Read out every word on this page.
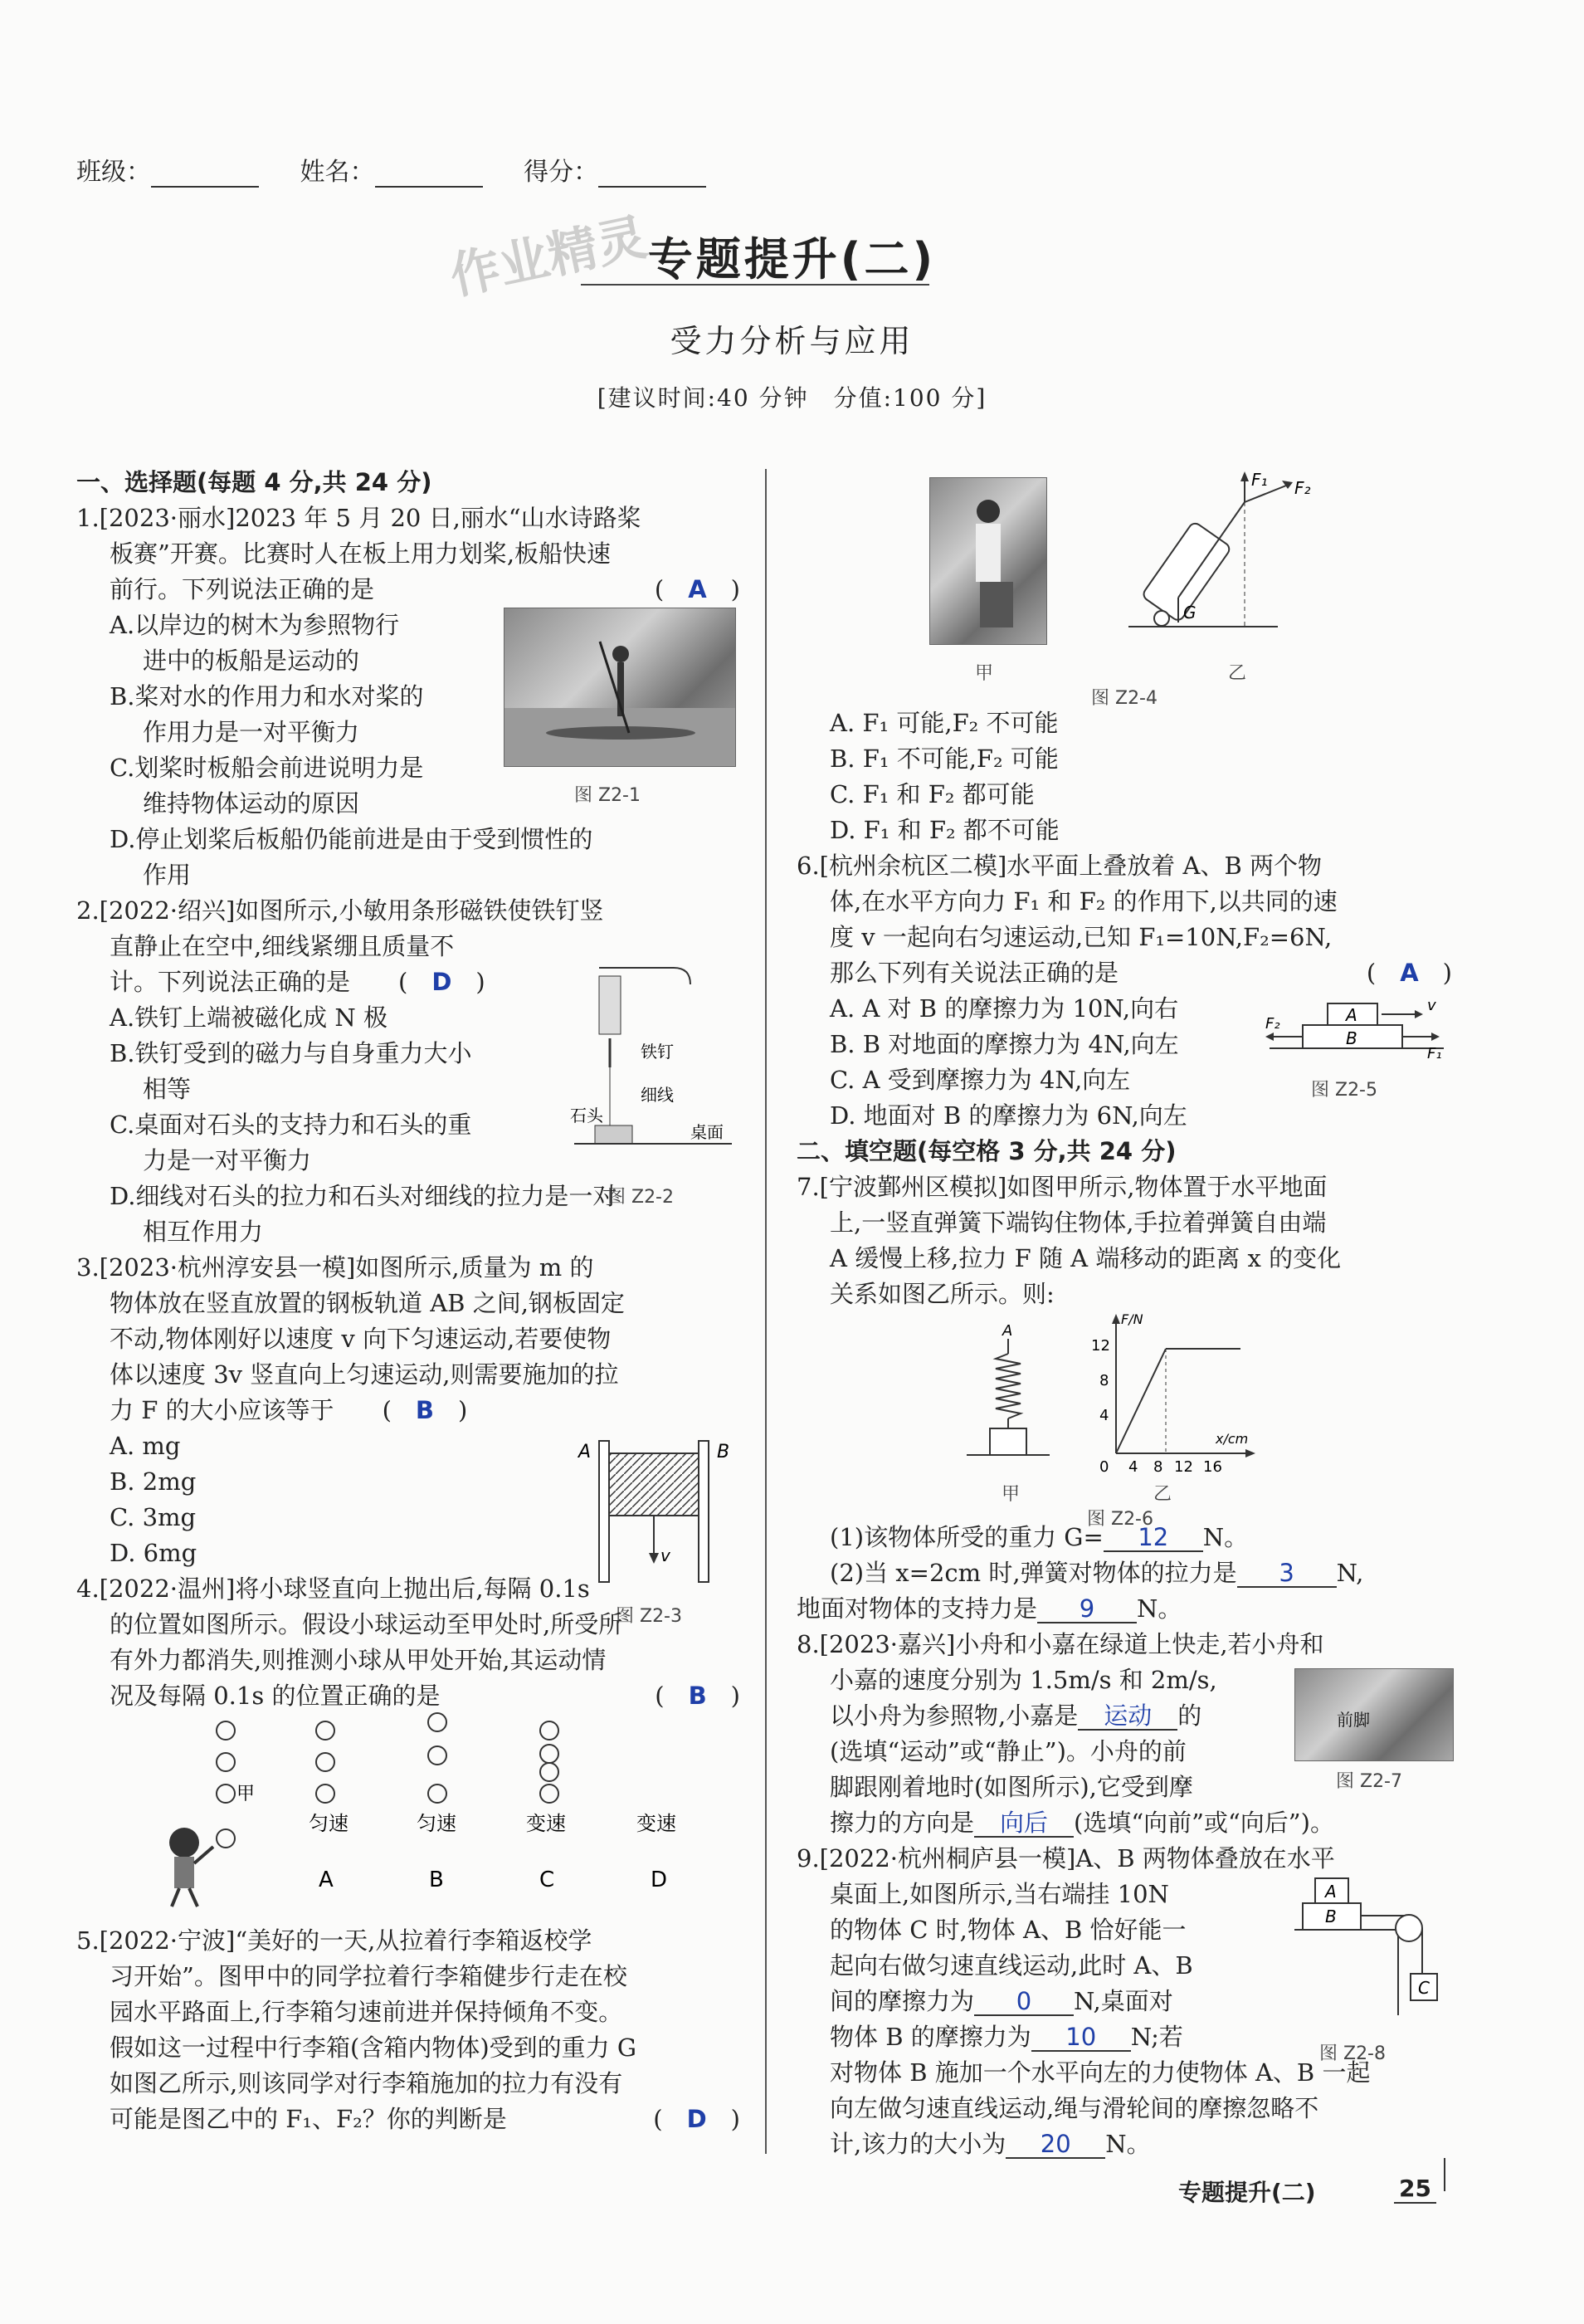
班级：	姓名：	得分：
作业精灵
专题提升(二)
受力分析与应用
[建议时间:40 分钟　分值:100 分]

一、选择题(每题 4 分,共 24 分)

1.[2023·丽水]2023 年 5 月 20 日,丽水“山水诗路桨

板赛”开赛。比赛时人在板上用力划桨,板船快速

前行。下列说法正确的是	(　A　)

A.以岸边的树木为参照物行

进中的板船是运动的

B.桨对水的作用力和水对桨的

作用力是一对平衡力

C.划桨时板船会前进说明力是

维持物体运动的原因	图 Z2-1

D.停止划桨后板船仍能前进是由于受到惯性的

作用

2.[2022·绍兴]如图所示,小敏用条形磁铁使铁钉竖

直静止在空中,细线紧绷且质量不

计。下列说法正确的是　　(　D　)

A.铁钉上端被磁化成 N 极

B.铁钉受到的磁力与自身重力大小

相等

C.桌面对石头的支持力和石头的重

力是一对平衡力

D.细线对石头的拉力和石头对细线的拉力是一对

相互作用力

铁钉
细线
石头
桌面
图 Z2-2

3.[2023·杭州淳安县一模]如图所示,质量为 m 的

物体放在竖直放置的钢板轨道 AB 之间,钢板固定

不动,物体刚好以速度 v 向下匀速运动,若要使物

体以速度 3v 竖直向上匀速运动,则需要施加的拉

力 F 的大小应该等于　　(　B　)

A. mg

B. 2mg

C. 3mg

D. 6mg

A	B
v
图 Z2-3

4.[2022·温州]将小球竖直向上抛出后,每隔 0.1s

的位置如图所示。假设小球运动至甲处时,所受所

有外力都消失,则推测小球从甲处开始,其运动情

况及每隔 0.1s 的位置正确的是	(　B　)

甲
匀速	匀速	变速	变速
A	B	C	D

5.[2022·宁波]“美好的一天,从拉着行李箱返校学

习开始”。图甲中的同学拉着行李箱健步行走在校

园水平路面上,行李箱匀速前进并保持倾角不变。

假如这一过程中行李箱(含箱内物体)受到的重力 G

如图乙所示,则该同学对行李箱施加的拉力有没有

可能是图乙中的 F₁、F₂？你的判断是	(　D　)

F₁ F₂
G
甲	乙
图 Z2-4

A. F₁ 可能,F₂ 不可能

B. F₁ 不可能,F₂ 可能

C. F₁ 和 F₂ 都可能

D. F₁ 和 F₂ 都不可能

6.[杭州余杭区二模]水平面上叠放着 A、B 两个物

体,在水平方向力 F₁ 和 F₂ 的作用下,以共同的速

度 v 一起向右匀速运动,已知 F₁=10N,F₂=6N,

那么下列有关说法正确的是	(　A　)

A. A 对 B 的摩擦力为 10N,向右

B. B 对地面的摩擦力为 4N,向左

C. A 受到摩擦力为 4N,向左

D. 地面对 B 的摩擦力为 6N,向左

A
B
F₂
F₁
v
图 Z2-5

二、填空题(每空格 3 分,共 24 分)

7.[宁波鄞州区模拟]如图甲所示,物体置于水平地面

上,一竖直弹簧下端钩住物体,手拉着弹簧自由端

A 缓慢上移,拉力 F 随 A 端移动的距离 x 的变化

关系如图乙所示。则:

A
F/N
x/cm
12
8
4
0 4 8 12 16
甲	乙
图 Z2-6

(1)该物体所受的重力 G= 12 N。

(2)当 x=2cm 时,弹簧对物体的拉力是 3 N,

地面对物体的支持力是 9 N。

8.[2023·嘉兴]小舟和小嘉在绿道上快走,若小舟和

小嘉的速度分别为 1.5m/s 和 2m/s,

以小舟为参照物,小嘉是 运动 的

(选填“运动”或“静止”)。小舟的前

脚跟刚着地时(如图所示),它受到摩

擦力的方向是 向后 (选填“向前”或“向后”)。

前脚
图 Z2-7

9.[2022·杭州桐庐县一模]A、B 两物体叠放在水平

桌面上,如图所示,当右端挂 10N

的物体 C 时,物体 A、B 恰好能一

起向右做匀速直线运动,此时 A、B

间的摩擦力为 0 N,桌面对

物体 B 的摩擦力为 10 N;若

对物体 B 施加一个水平向左的力使物体 A、B 一起

向左做匀速直线运动,绳与滑轮间的摩擦忽略不

计,该力的大小为 20 N。

A
B
C
图 Z2-8
专题提升(二)	25
